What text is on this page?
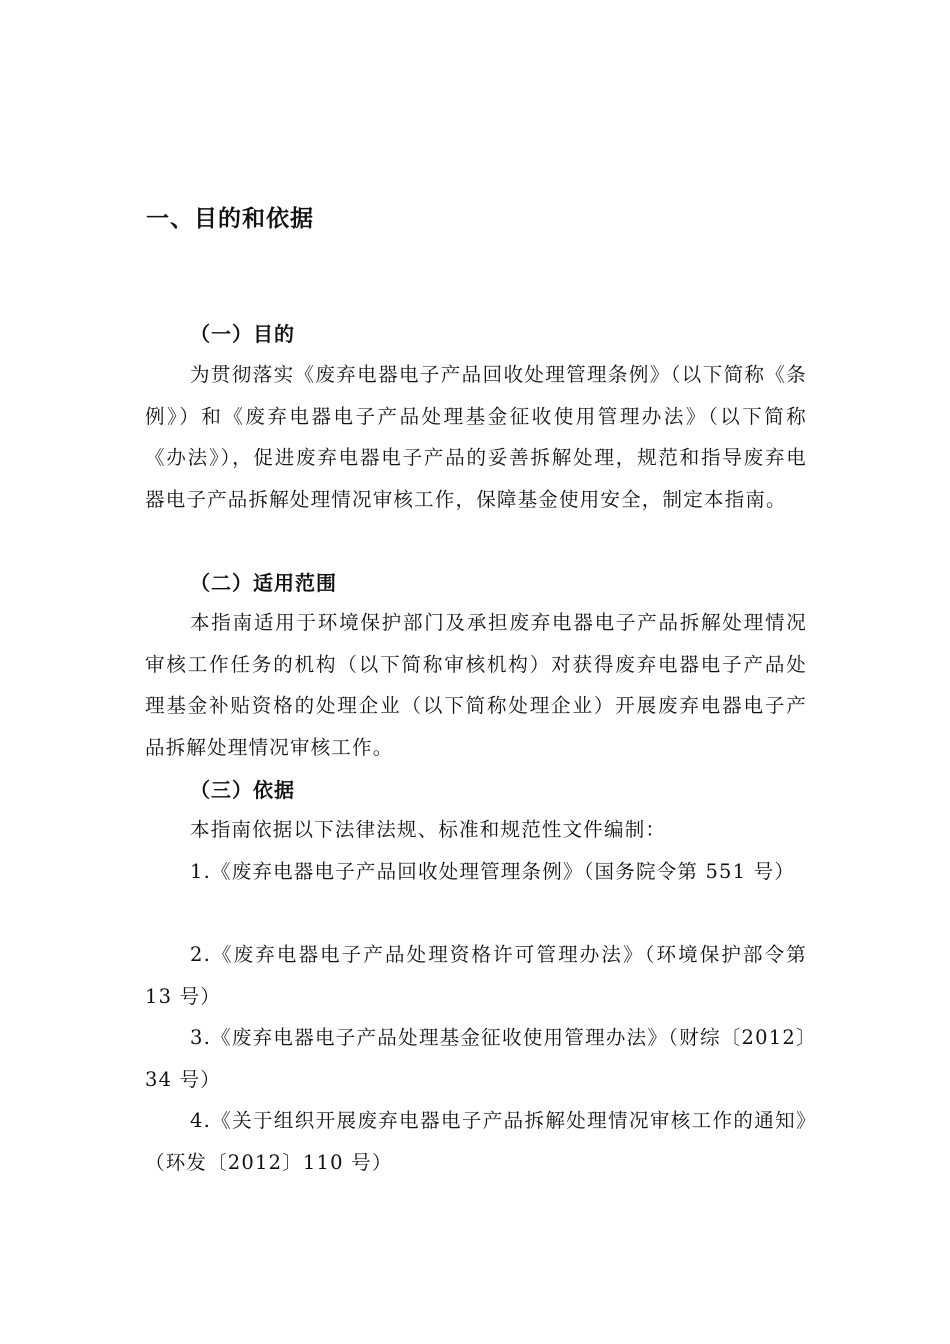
一、目的和依据
（一）目的

为贯彻落实《废弃电器电子产品回收处理管理条例》（以下简称《条例》）和《废弃电器电子产品处理基金征收使用管理办法》（以下简称《办法》），促进废弃电器电子产品的妥善拆解处理，规范和指导废弃电器电子产品拆解处理情况审核工作，保障基金使用安全，制定本指南。

（二）适用范围

本指南适用于环境保护部门及承担废弃电器电子产品拆解处理情况审核工作任务的机构（以下简称审核机构）对获得废弃电器电子产品处理基金补贴资格的处理企业（以下简称处理企业）开展废弃电器电子产品拆解处理情况审核工作。

（三）依据

本指南依据以下法律法规、标准和规范性文件编制：

1.《废弃电器电子产品回收处理管理条例》（国务院令第 551 号）

2.《废弃电器电子产品处理资格许可管理办法》（环境保护部令第 13 号）

3.《废弃电器电子产品处理基金征收使用管理办法》（财综〔2012〕34 号）

4.《关于组织开展废弃电器电子产品拆解处理情况审核工作的通知》（环发〔2012〕110 号）
